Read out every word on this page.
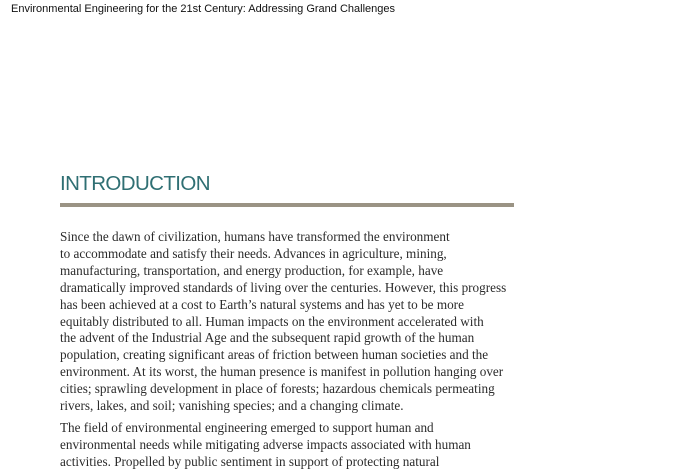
Environmental Engineering for the 21st Century: Addressing Grand Challenges
INTRODUCTION

Since the dawn of civilization, humans have transformed the environment
to accommodate and satisfy their needs. Advances in agriculture, mining,
manufacturing, transportation, and energy production, for example, have
dramatically improved standards of living over the centuries. However, this progress
has been achieved at a cost to Earth’s natural systems and has yet to be more
equitably distributed to all. Human impacts on the environment accelerated with
the advent of the Industrial Age and the subsequent rapid growth of the human
population, creating significant areas of friction between human societies and the
environment. At its worst, the human presence is manifest in pollution hanging over
cities; sprawling development in place of forests; hazardous chemicals permeating
rivers, lakes, and soil; vanishing species; and a changing climate.

The field of environmental engineering emerged to support human and
environmental needs while mitigating adverse impacts associated with human
activities. Propelled by public sentiment in support of protecting natural
